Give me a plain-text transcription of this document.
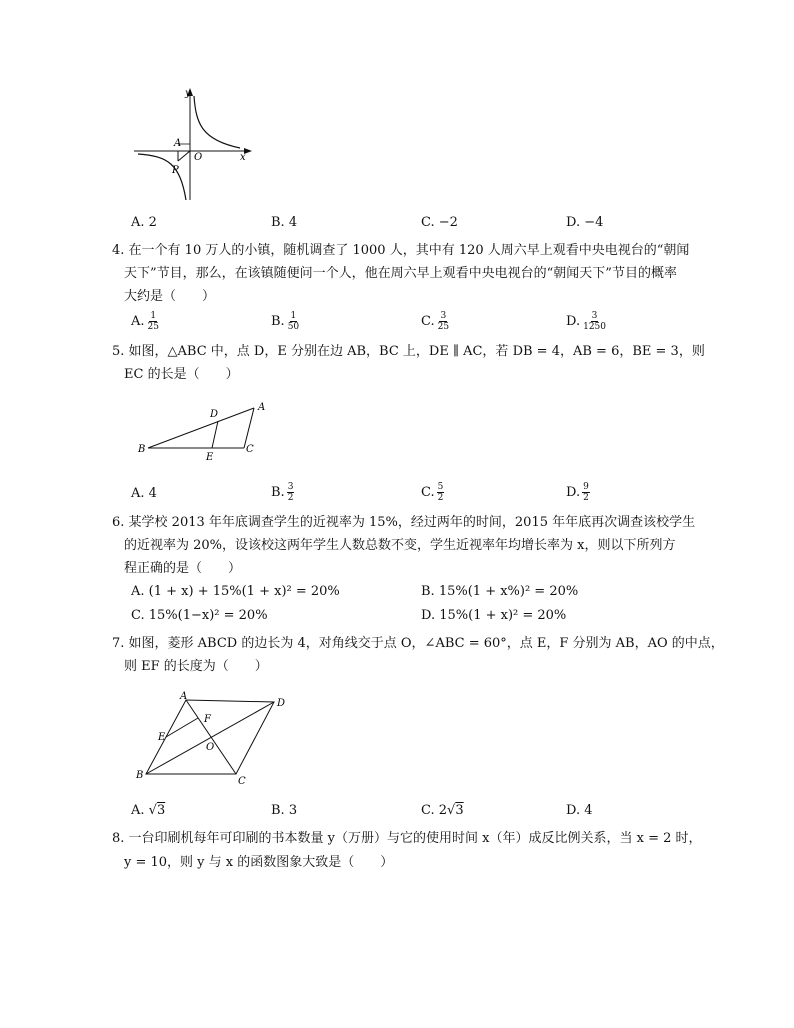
y
x
A
O
P
A. 2	B. 4	C. −2	D. −4
4. 在一个有 10 万人的小镇，随机调查了 1000 人，其中有 120 人周六早上观看中央电视台的“朝闻
天下”节目，那么，在该镇随便问一个人，他在周六早上观看中央电视台的“朝闻天下”节目的概率
大约是（　　）
A. $\frac{1}{25}$	B. $\frac{1}{50}$	C. $\frac{3}{25}$	D. $\frac{3}{1250}$
5. 如图，△ABC 中，点 D，E 分别在边 AB，BC 上，DE ∥ AC，若 DB = 4，AB = 6，BE = 3，则
EC 的长是（　　）
A
B	C
D
E
A. 4	B. $\frac{3}{2}$	C. $\frac{5}{2}$	D. $\frac{9}{2}$
6. 某学校 2013 年年底调查学生的近视率为 15%，经过两年的时间，2015 年年底再次调查该校学生
的近视率为 20%，设该校这两年学生人数总数不变，学生近视率年均增长率为 x，则以下所列方
程正确的是（　　）
A. (1 + x) + 15%(1 + x)² = 20%	B. 15%(1 + x%)² = 20%
C. 15%(1−x)² = 20%	D. 15%(1 + x)² = 20%
7. 如图，菱形 ABCD 的边长为 4，对角线交于点 O，∠ABC = 60°，点 E，F 分别为 AB，AO 的中点，
则 EF 的长度为（　　）
A
D
C
B
E
F
O
A. √3	B. 3	C. 2√3	D. 4
8. 一台印刷机每年可印刷的书本数量 y（万册）与它的使用时间 x（年）成反比例关系，当 x = 2 时，
y = 10，则 y 与 x 的函数图象大致是（　　）
